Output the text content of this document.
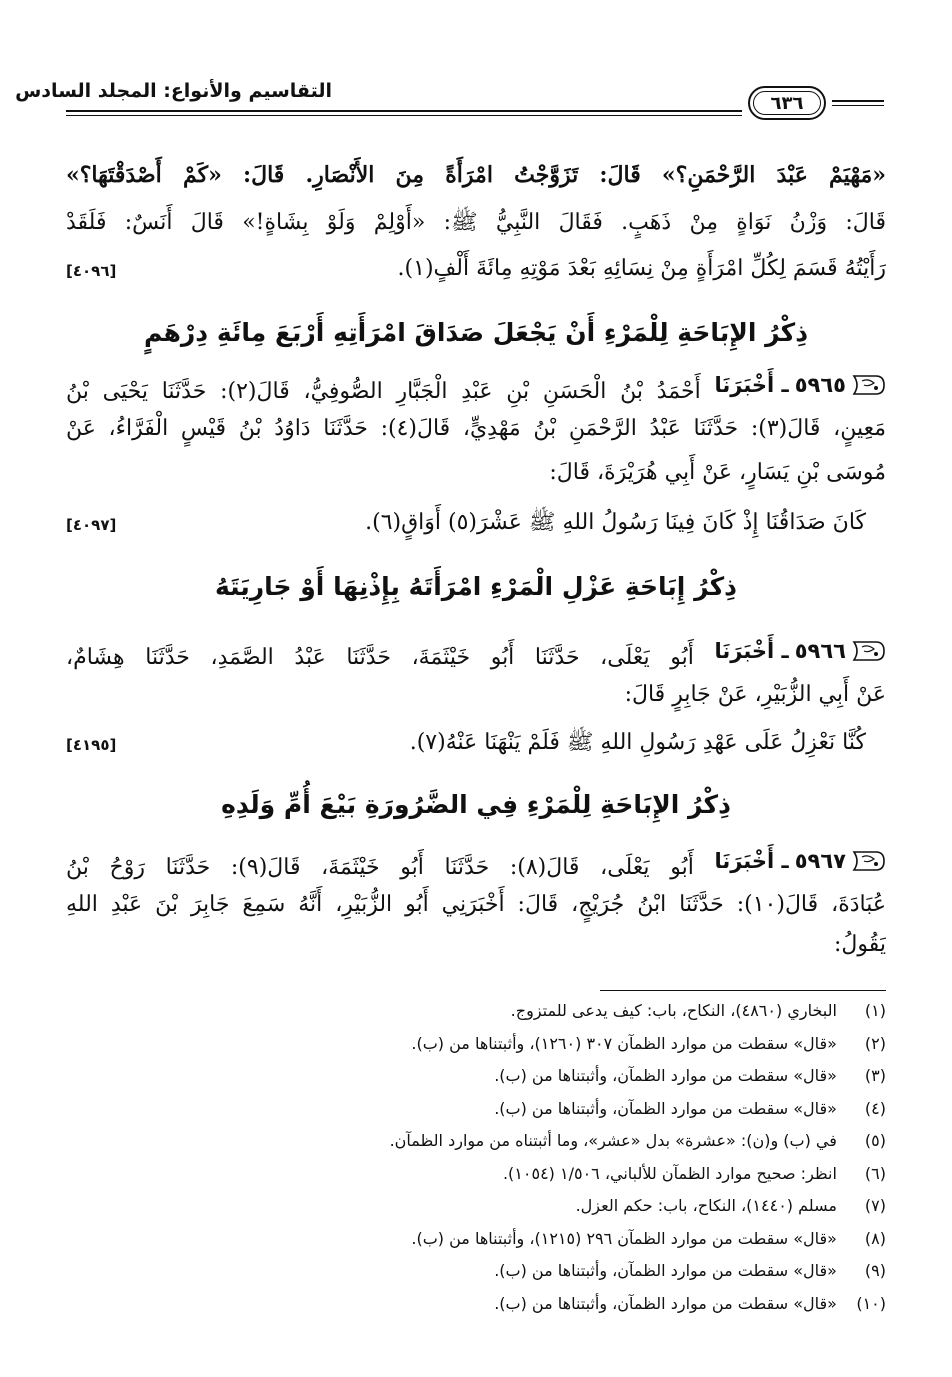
٦٣٦
التقاسيم والأنواع: المجلد السادس
«مَهْيَمْ عَبْدَ الرَّحْمَنِ؟» قَالَ: تَزَوَّجْتُ امْرَأَةً مِنَ الأَنْصَارِ. قَالَ: «كَمْ أَصْدَقْتَهَا؟»
قَالَ: وَزْنُ نَوَاةٍ مِنْ ذَهَبٍ. فَقَالَ النَّبِيُّ ﷺ: «أَوْلِمْ وَلَوْ بِشَاةٍ!» قَالَ أَنَسٌ: فَلَقَدْ
رَأَيْتُهُ قَسَمَ لِكُلِّ امْرَأَةٍ مِنْ نِسَائِهِ بَعْدَ مَوْتِهِ مِائَةَ أَلْفٍ(١).
[٤٠٩٦]
ذِكْرُ الإِبَاحَةِ لِلْمَرْءِ أَنْ يَجْعَلَ صَدَاقَ امْرَأَتِهِ أَرْبَعَ مِائَةِ دِرْهَمٍ
٥٩٦٥
ـ أَخْبَرَنَا
أَحْمَدُ بْنُ الْحَسَنِ بْنِ عَبْدِ الْجَبَّارِ الصُّوفِيُّ، قَالَ(٢): حَدَّثَنَا يَحْيَى بْنُ
مَعِينٍ، قَالَ(٣): حَدَّثَنَا عَبْدُ الرَّحْمَنِ بْنُ مَهْدِيٍّ، قَالَ(٤): حَدَّثَنَا دَاوُدُ بْنُ قَيْسٍ الْفَرَّاءُ، عَنْ
مُوسَى بْنِ يَسَارٍ، عَنْ أَبِي هُرَيْرَةَ، قَالَ:
كَانَ صَدَاقُنَا إِذْ كَانَ فِينَا رَسُولُ اللهِ ﷺ عَشْرَ(٥) أَوَاقٍ(٦).
[٤٠٩٧]
ذِكْرُ إِبَاحَةِ عَزْلِ الْمَرْءِ امْرَأَتَهُ بِإِذْنِهَا أَوْ جَارِيَتَهُ
٥٩٦٦
ـ أَخْبَرَنَا
أَبُو يَعْلَى، حَدَّثَنَا أَبُو خَيْثَمَةَ، حَدَّثَنَا عَبْدُ الصَّمَدِ، حَدَّثَنَا هِشَامٌ،
عَنْ أَبِي الزُّبَيْرِ، عَنْ جَابِرٍ قَالَ:
كُنَّا نَعْزِلُ عَلَى عَهْدِ رَسُولِ اللهِ ﷺ فَلَمْ يَنْهَنَا عَنْهُ(٧).
[٤١٩٥]
ذِكْرُ الإِبَاحَةِ لِلْمَرْءِ فِي الضَّرُورَةِ بَيْعَ أُمِّ وَلَدِهِ
٥٩٦٧
ـ أَخْبَرَنَا
أَبُو يَعْلَى، قَالَ(٨): حَدَّثَنَا أَبُو خَيْثَمَةَ، قَالَ(٩): حَدَّثَنَا رَوْحُ بْنُ
عُبَادَةَ، قَالَ(١٠): حَدَّثَنَا ابْنُ جُرَيْجٍ، قَالَ: أَخْبَرَنِي أَبُو الزُّبَيْرِ، أَنَّهُ سَمِعَ جَابِرَ بْنَ عَبْدِ اللهِ
يَقُولُ:
(١) البخاري (٤٨٦٠)، النكاح، باب: كيف يدعى للمتزوج.
(٢) «قال» سقطت من موارد الظمآن ٣٠٧ (١٢٦٠)، وأثبتناها من (ب).
(٣) «قال» سقطت من موارد الظمآن، وأثبتناها من (ب).
(٤) «قال» سقطت من موارد الظمآن، وأثبتناها من (ب).
(٥) في (ب) و(ن): «عشرة» بدل «عشر»، وما أثبتناه من موارد الظمآن.
(٦) انظر: صحيح موارد الظمآن للألباني، ١/٥٠٦ (١٠٥٤).
(٧) مسلم (١٤٤٠)، النكاح، باب: حكم العزل.
(٨) «قال» سقطت من موارد الظمآن ٢٩٦ (١٢١٥)، وأثبتناها من (ب).
(٩) «قال» سقطت من موارد الظمآن، وأثبتناها من (ب).
(١٠) «قال» سقطت من موارد الظمآن، وأثبتناها من (ب).
